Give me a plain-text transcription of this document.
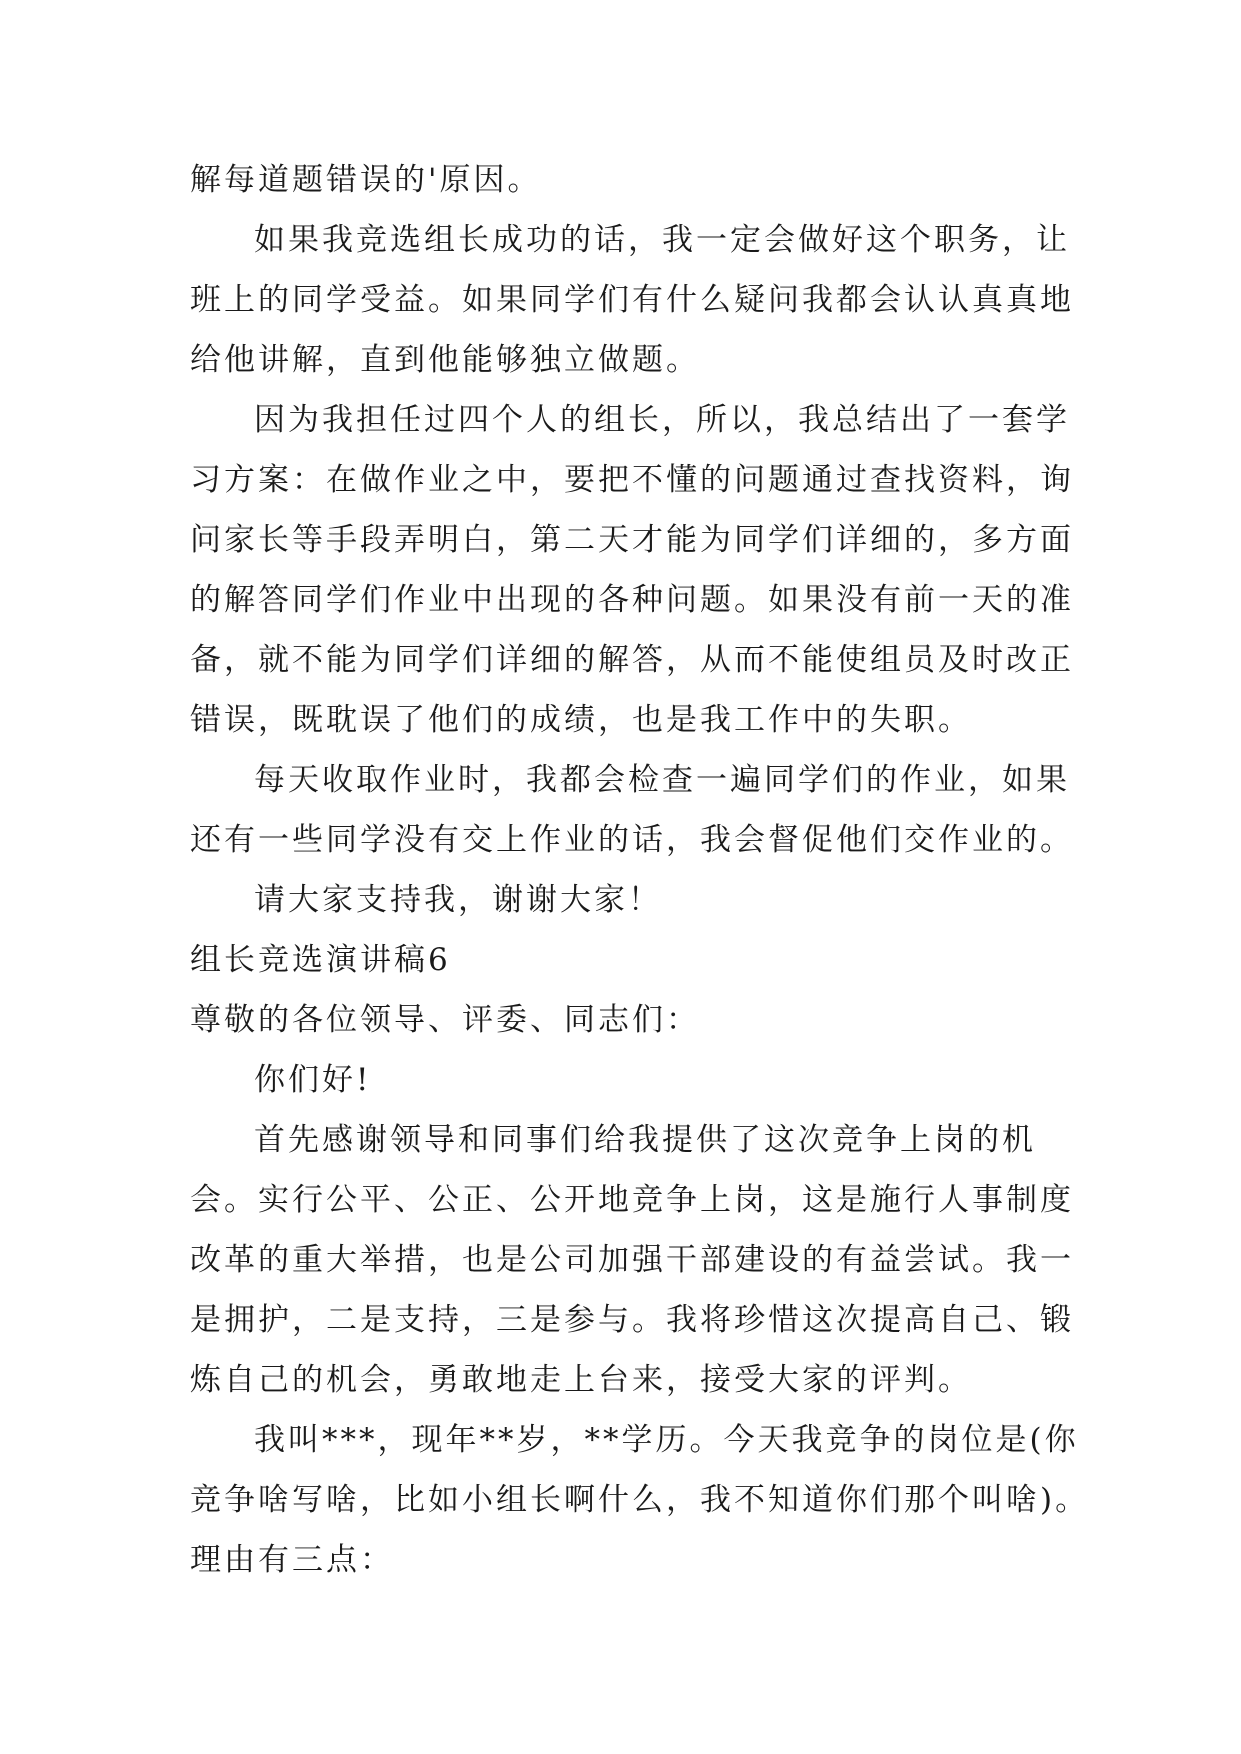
解每道题错误的'原因。
如果我竞选组长成功的话，我一定会做好这个职务，让
班上的同学受益。如果同学们有什么疑问我都会认认真真地
给他讲解，直到他能够独立做题。
因为我担任过四个人的组长，所以，我总结出了一套学
习方案：在做作业之中，要把不懂的问题通过查找资料，询
问家长等手段弄明白，第二天才能为同学们详细的，多方面
的解答同学们作业中出现的各种问题。如果没有前一天的准
备，就不能为同学们详细的解答，从而不能使组员及时改正
错误，既耽误了他们的成绩，也是我工作中的失职。
每天收取作业时，我都会检查一遍同学们的作业，如果
还有一些同学没有交上作业的话，我会督促他们交作业的。
请大家支持我，谢谢大家！
组长竞选演讲稿6
尊敬的各位领导、评委、同志们：
你们好!
首先感谢领导和同事们给我提供了这次竞争上岗的机
会。实行公平、公正、公开地竞争上岗，这是施行人事制度
改革的重大举措，也是公司加强干部建设的有益尝试。我一
是拥护，二是支持，三是参与。我将珍惜这次提高自己、锻
炼自己的机会，勇敢地走上台来，接受大家的评判。
我叫***，现年**岁，**学历。今天我竞争的岗位是(你
竞争啥写啥，比如小组长啊什么，我不知道你们那个叫啥)。
理由有三点：
